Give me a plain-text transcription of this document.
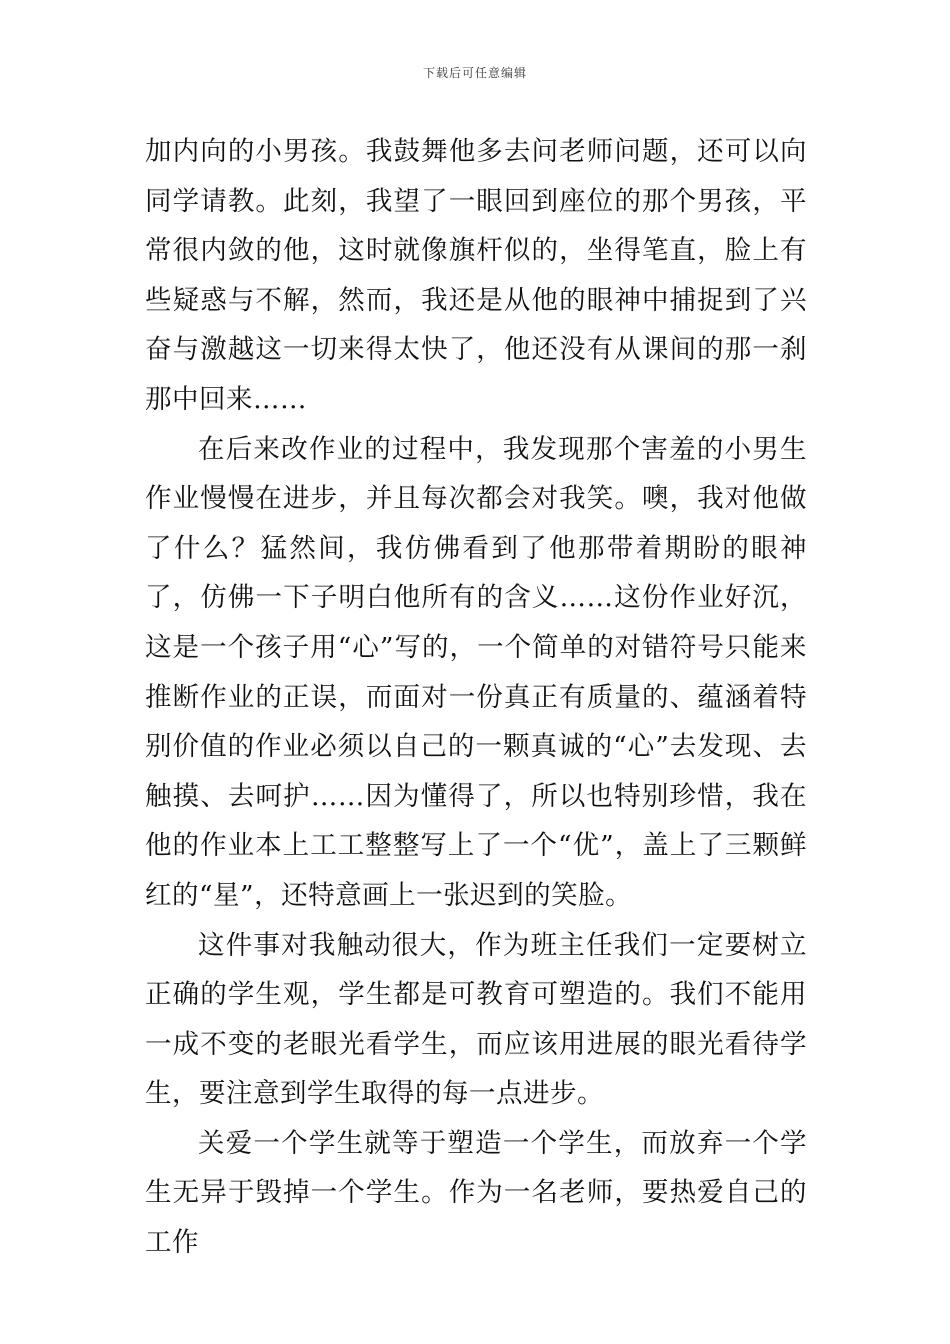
下载后可任意编辑

加内向的小男孩。我鼓舞他多去问老师问题，还可以向同学请教。此刻，我望了一眼回到座位的那个男孩，平常很内敛的他，这时就像旗杆似的，坐得笔直，脸上有些疑惑与不解，然而，我还是从他的眼神中捕捉到了兴奋与激越这一切来得太快了，他还没有从课间的那一刹那中回来……

在后来改作业的过程中，我发现那个害羞的小男生作业慢慢在进步，并且每次都会对我笑。噢，我对他做了什么？猛然间，我仿佛看到了他那带着期盼的眼神了，仿佛一下子明白他所有的含义……这份作业好沉，这是一个孩子用“心”写的，一个简单的对错符号只能来推断作业的正误，而面对一份真正有质量的、蕴涵着特别价值的作业必须以自己的一颗真诚的“心”去发现、去触摸、去呵护……因为懂得了，所以也特别珍惜，我在他的作业本上工工整整写上了一个“优”，盖上了三颗鲜红的“星”，还特意画上一张迟到的笑脸。

这件事对我触动很大，作为班主任我们一定要树立正确的学生观，学生都是可教育可塑造的。我们不能用一成不变的老眼光看学生，而应该用进展的眼光看待学生，要注意到学生取得的每一点进步。

关爱一个学生就等于塑造一个学生，而放弃一个学生无异于毁掉一个学生。作为一名老师，要热爱自己的工作
